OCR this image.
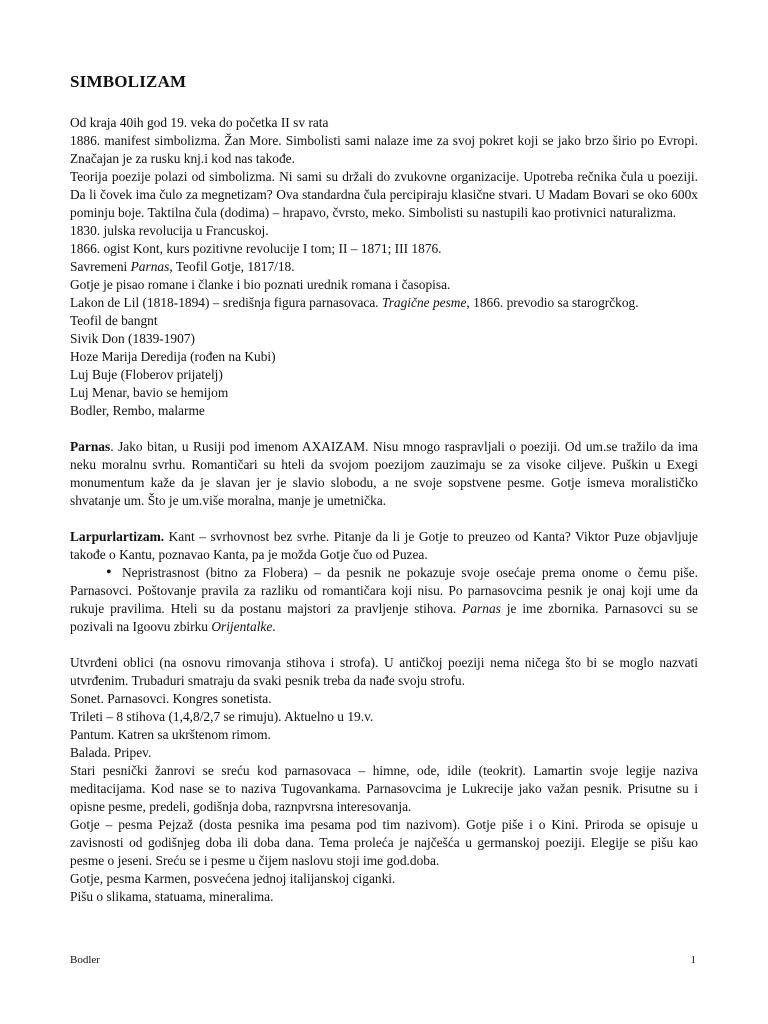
SIMBOLIZAM

Od kraja 40ih god 19. veka do početka II sv rata

1886. manifest simbolizma. Žan More. Simbolisti sami nalaze ime za svoj pokret koji se jako brzo širio po Evropi. Značajan je za rusku knj.i kod nas takođe.

Teorija poezije polazi od simbolizma. Ni sami su držali do zvukovne organizacije. Upotreba rečnika čula u poeziji. Da li čovek ima čulo za megnetizam? Ova standardna čula percipiraju klasične stvari. U Madam Bovari se oko 600x pominju boje. Taktilna čula (dodima) – hrapavo, čvrsto, meko. Simbolisti su nastupili kao protivnici naturalizma.

1830. julska revolucija u Francuskoj.

1866. ogist Kont, kurs pozitivne revolucije I tom; II – 1871; III 1876.

Savremeni Parnas, Teofil Gotje, 1817/18.

Gotje je pisao romane i članke i bio poznati urednik romana i časopisa.

Lakon de Lil (1818-1894) – središnja figura parnasovaca. Tragične pesme, 1866. prevodio sa starogrčkog.

Teofil de bangnt

Sivik Don (1839-1907)

Hoze Marija Deredija (rođen na Kubi)

Luj Buje (Floberov prijatelj)

Luj Menar, bavio se hemijom

Bodler, Rembo, malarme

Parnas. Jako bitan, u Rusiji pod imenom AXAIZAM. Nisu mnogo raspravljali o poeziji. Od um.se tražilo da ima neku moralnu svrhu. Romantičari su hteli da svojom poezijom zauzimaju se za visoke ciljeve. Puškin u Exegi monumentum kaže da je slavan jer je slavio slobodu, a ne svoje sopstvene pesme. Gotje ismeva moralističko shvatanje um. Što je um.više moralna, manje je umetnička.

Larpurlartizam. Kant – svrhovnost bez svrhe. Pitanje da li je Gotje to preuzeo od Kanta? Viktor Puze objavljuje takođe o Kantu, poznavao Kanta, pa je možda Gotje čuo od Puzea.

• Nepristrasnost (bitno za Flobera) – da pesnik ne pokazuje svoje osećaje prema onome o čemu piše. Parnasovci. Poštovanje pravila za razliku od romantičara koji nisu. Po parnasovcima pesnik je onaj koji ume da rukuje pravilima. Hteli su da postanu majstori za pravljenje stihova. Parnas je ime zbornika. Parnasovci su se pozivali na Igoovu zbirku Orijentalke.

Utvrđeni oblici (na osnovu rimovanja stihova i strofa). U antičkoj poeziji nema ničega što bi se moglo nazvati utvrđenim. Trubaduri smatraju da svaki pesnik treba da nađe svoju strofu.

Sonet. Parnasovci. Kongres sonetista.

Trileti – 8 stihova (1,4,8/2,7 se rimuju). Aktuelno u 19.v.

Pantum. Katren sa ukrštenom rimom.

Balada. Pripev.

Stari pesnički žanrovi se sreću kod parnasovaca – himne, ode, idile (teokrit). Lamartin svoje legije naziva meditacijama. Kod nase se to naziva Tugovankama. Parnasovcima je Lukrecije jako važan pesnik. Prisutne su i opisne pesme, predeli, godišnja doba, raznpvrsna interesovanja.

Gotje – pesma Pejzaž (dosta pesnika ima pesama pod tim nazivom). Gotje piše i o Kini. Priroda se opisuje u zavisnosti od godišnjeg doba ili doba dana. Tema proleća je najčešća u germanskoj poeziji. Elegije se pišu kao pesme o jeseni. Sreću se i pesme u čijem naslovu stoji ime god.doba.

Gotje, pesma Karmen, posvećena jednoj italijanskoj ciganki.

Pišu o slikama, statuama, mineralima.

Bodler	1
